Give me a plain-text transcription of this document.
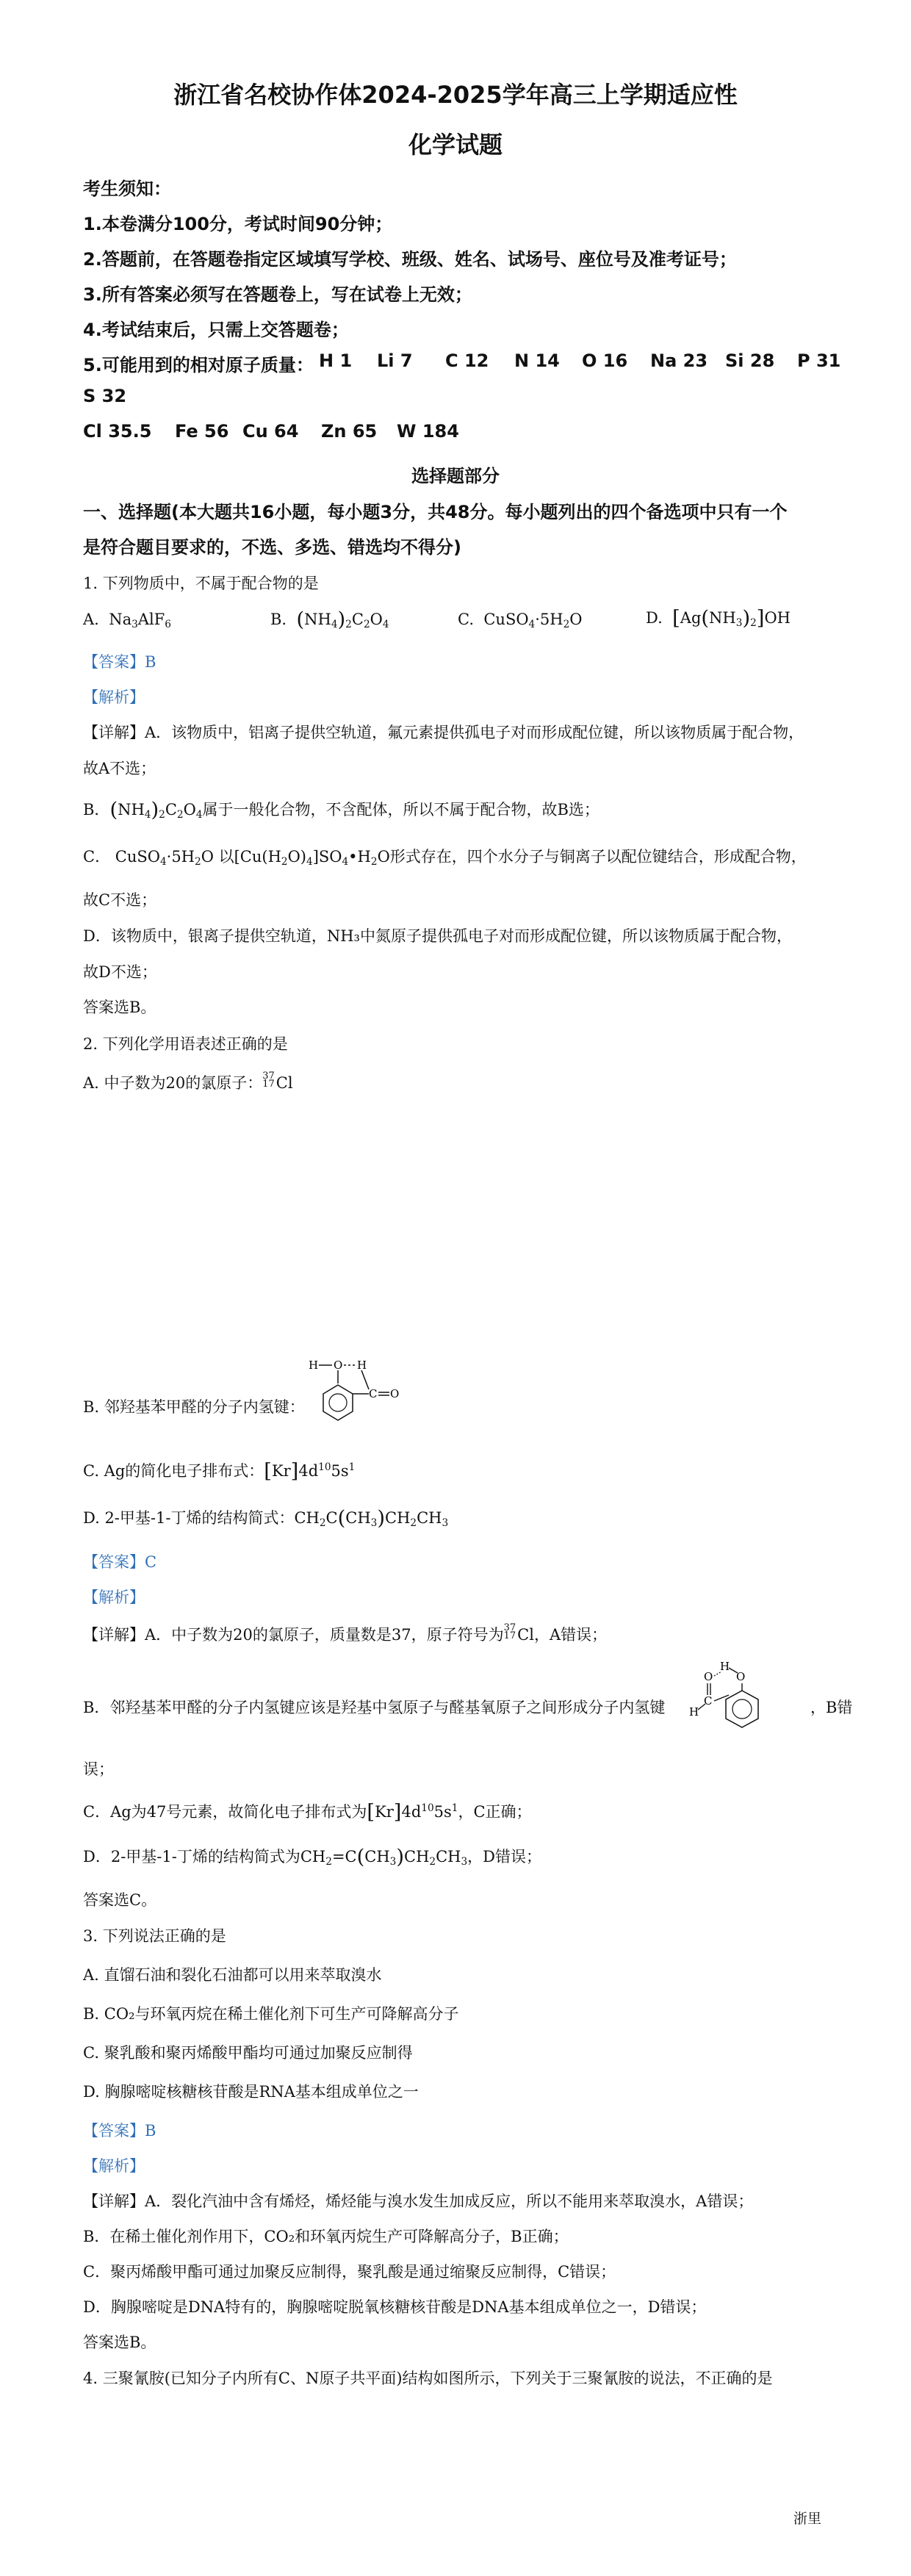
浙江省名校协作体2024-2025学年高三上学期适应性
化学试题
考生须知：
1.本卷满分100分，考试时间90分钟；
2.答题前，在答题卷指定区域填写学校、班级、姓名、试场号、座位号及准考证号；
3.所有答案必须写在答题卷上，写在试卷上无效；
4.考试结束后，只需上交答题卷；
5.可能用到的相对原子质量： H 1 Li 7 C 12 N 14 O 16 Na 23 Si 28 P 31
S 32
Cl 35.5 Fe 56 Cu 64 Zn 65 W 184
选择题部分
一、选择题(本大题共16小题，每小题3分，共48分。每小题列出的四个备选项中只有一个
是符合题目要求的，不选、多选、错选均不得分)
1. 下列物质中，不属于配合物的是
A.  $Na_3AlF_6$	B. $(NH_4)_2C_2O_4$	C.  $CuSO_4\cdot 5H_2O$	D. $[Ag(NH_3)_2]OH$
【答案】B
【解析】
【详解】A．该物质中，铝离子提供空轨道，氟元素提供孤电子对而形成配位键，所以该物质属于配合物，
故A不选；
B．$(NH_4)_2C_2O_4$属于一般化合物，不含配体，所以不属于配合物，故B选；
C． $CuSO_4\cdot 5H_2O$ 以$[Cu(H_2O)_4]SO_4•H_2O$形式存在，四个水分子与铜离子以配位键结合，形成配合物，
故C不选；
D．该物质中，银离子提供空轨道，NH₃中氮原子提供孤电子对而形成配位键，所以该物质属于配合物，
故D不选；
答案选B。
2. 下列化学用语表述正确的是
A. 中子数为20的氯原子： 37
17 Cl
B. 邻羟基苯甲醛的分子内氢键：
H O H
C O
C. Ag的简化电子排布式：$[Kr]4d^{10}5s^1$
D. 2-甲基-1-丁烯的结构简式：$CH_2C(CH_3)CH_2CH_3$
【答案】C
【解析】
【详解】A．中子数为20的氯原子，质量数是37，原子符号为 37
17 Cl，A错误；
B．邻羟基苯甲醛的分子内氢键应该是羟基中氢原子与醛基氧原子之间形成分子内氢键
H
O O
C
H	，B错
误；
C．Ag为47号元素，故简化电子排布式为$[Kr]4d^{10}5s^1$，C正确；
D．2-甲基-1-丁烯的结构简式为$CH_2=C(CH_3)CH_2CH_3$，D错误；
答案选C。
3. 下列说法正确的是
A. 直馏石油和裂化石油都可以用来萃取溴水
B. CO₂与环氧丙烷在稀土催化剂下可生产可降解高分子
C. 聚乳酸和聚丙烯酸甲酯均可通过加聚反应制得
D. 胸腺嘧啶核糖核苷酸是RNA基本组成单位之一
【答案】B
【解析】
【详解】A．裂化汽油中含有烯烃，烯烃能与溴水发生加成反应，所以不能用来萃取溴水，A错误；
B．在稀土催化剂作用下，CO₂和环氧丙烷生产可降解高分子，B正确；
C．聚丙烯酸甲酯可通过加聚反应制得，聚乳酸是通过缩聚反应制得，C错误；
D．胸腺嘧啶是DNA特有的，胸腺嘧啶脱氧核糖核苷酸是DNA基本组成单位之一，D错误；
答案选B。
4. 三聚氰胺(已知分子内所有C、N原子共平面)结构如图所示，下列关于三聚氰胺的说法，不正确的是
浙里
